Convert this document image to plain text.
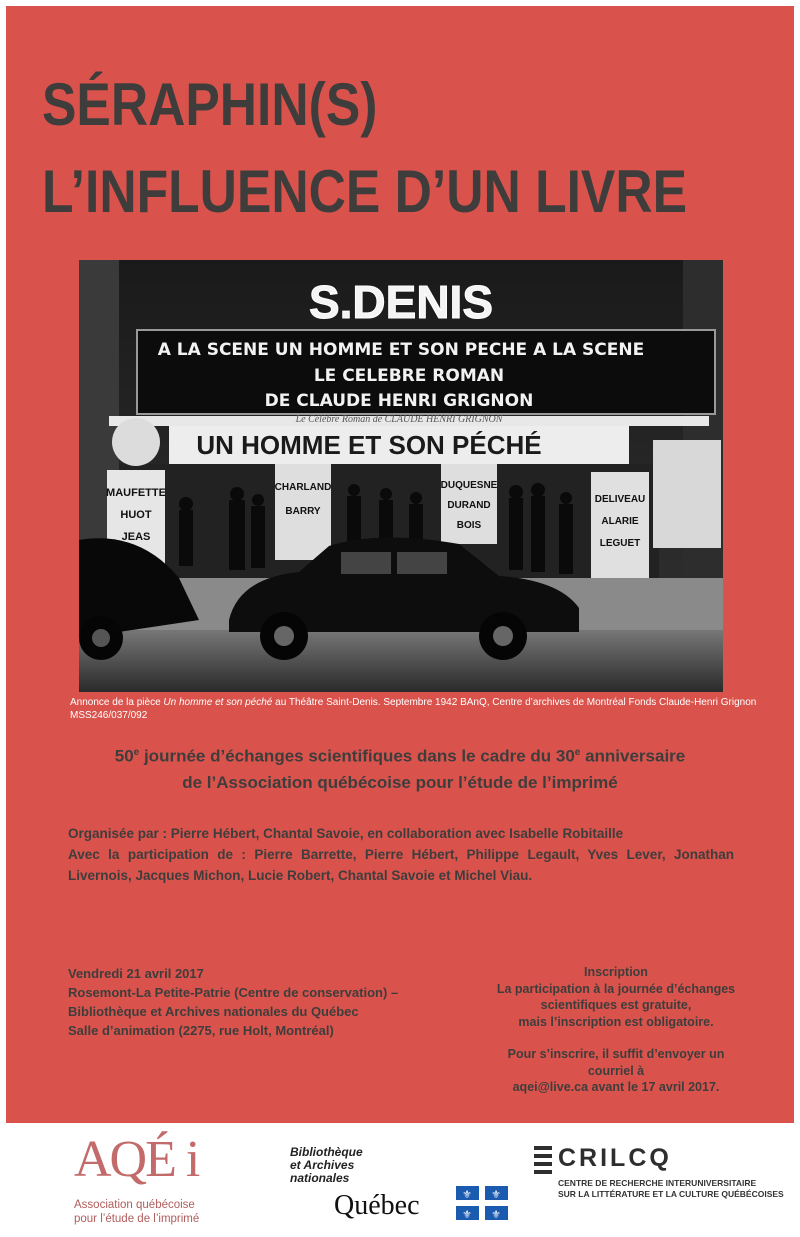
SÉRAPHIN(S)
L’INFLUENCE D’UN LIVRE
S.DENIS
A LA SCENE UN HOMME ET SON PECHE A LA SCENE
LE CELEBRE ROMAN
DE CLAUDE HENRI GRIGNON
Le Célèbre Roman de CLAUDE HENRI GRIGNON
UN HOMME ET SON PÉCHÉ
MAUFETTE
HUOT
JEAS
CHARLAND
BARRY
DUQUESNE
DURAND
BOIS
DELIVEAU
ALARIE
LEGUET
Annonce de la pièce Un homme et son péché au Théâtre Saint-Denis. Septembre 1942 BAnQ, Centre d’archives de Montréal Fonds Claude-Henri Grignon
MSS246/037/092
50e journée d’échanges scientifiques dans le cadre du 30e anniversaire
de l’Association québécoise pour l’étude de l’imprimé
Organisée par : Pierre Hébert, Chantal Savoie, en collaboration avec Isabelle Robitaille
Avec la participation de : Pierre Barrette, Pierre Hébert, Philippe Legault, Yves Lever, Jonathan Livernois, Jacques Michon, Lucie Robert, Chantal Savoie et Michel Viau.
Vendredi 21 avril 2017
Rosemont-La Petite-Patrie (Centre de conservation) –
Bibliothèque et Archives nationales du Québec
Salle d’animation (2275, rue Holt, Montréal)

Inscription

La participation à la journée d’échanges

scientifiques est gratuite,

mais l’inscription est obligatoire.

Pour s’inscrire, il suffit d’envoyer un courriel à

aqei@live.ca avant le 17 avril 2017.

AQÉ i
Association québécoise
pour l’étude de l’imprimé
Bibliothèque
et Archives
nationales
Québec	⚜ ⚜
⚜ ⚜
CRILCQ
CENTRE DE RECHERCHE INTERUNIVERSITAIRE
SUR LA LITTÉRATURE ET LA CULTURE QUÉBÉCOISES
